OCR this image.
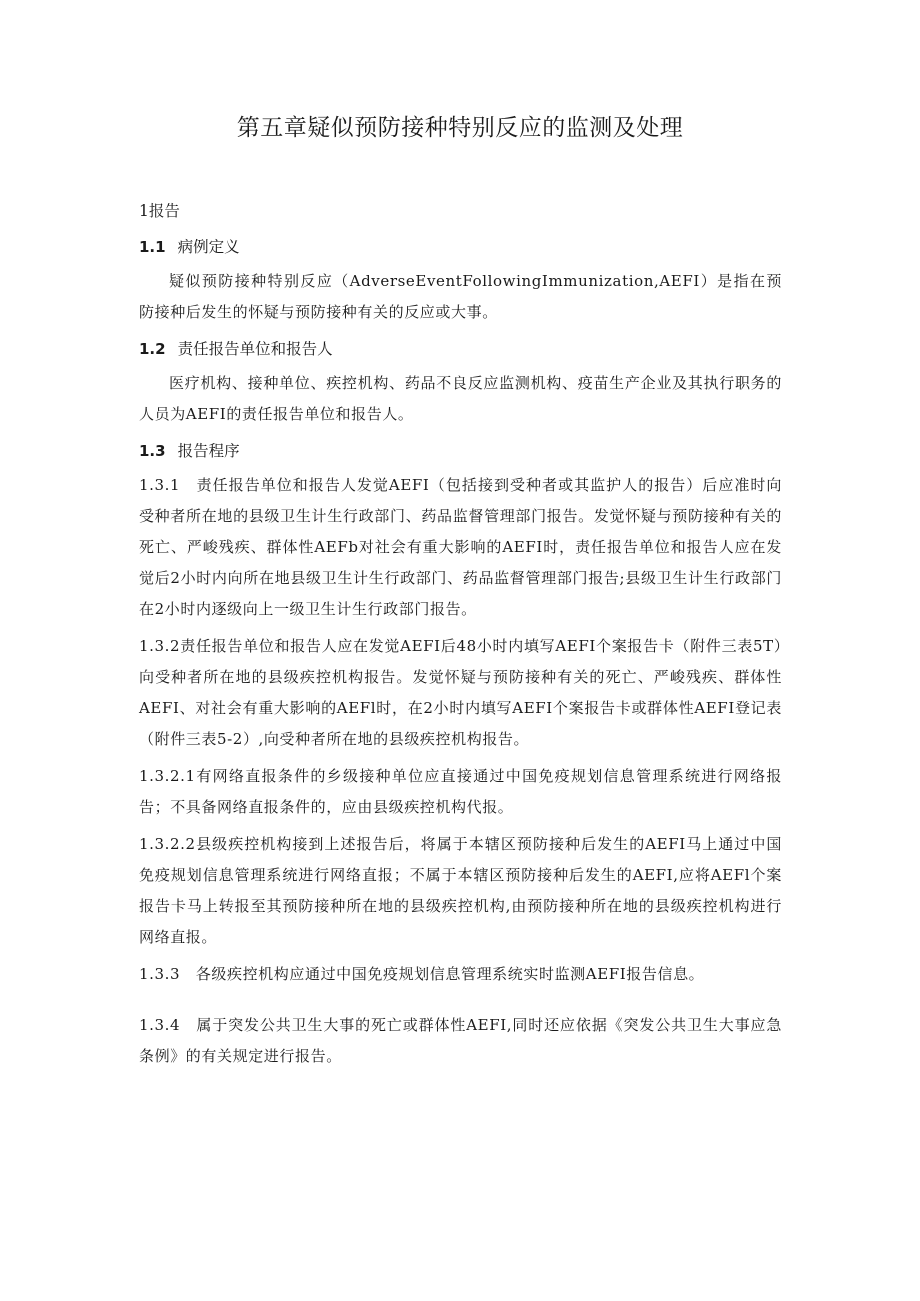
第五章疑似预防接种特别反应的监测及处理
1报告
1.1 病例定义
疑似预防接种特别反应（AdverseEventFollowingImmunization,AEFI）是指在预防接种后发生的怀疑与预防接种有关的反应或大事。
1.2 责任报告单位和报告人
医疗机构、接种单位、疾控机构、药品不良反应监测机构、疫苗生产企业及其执行职务的人员为AEFI的责任报告单位和报告人。
1.3 报告程序
1.3.1　责任报告单位和报告人发觉AEFI（包括接到受种者或其监护人的报告）后应准时向受种者所在地的县级卫生计生行政部门、药品监督管理部门报告。发觉怀疑与预防接种有关的死亡、严峻残疾、群体性AEFb对社会有重大影响的AEFI时，责任报告单位和报告人应在发觉后2小时内向所在地县级卫生计生行政部门、药品监督管理部门报告;县级卫生计生行政部门在2小时内逐级向上一级卫生计生行政部门报告。
1.3.2责任报告单位和报告人应在发觉AEFI后48小时内填写AEFI个案报告卡（附件三表5T）向受种者所在地的县级疾控机构报告。发觉怀疑与预防接种有关的死亡、严峻残疾、群体性AEFI、对社会有重大影响的AEFl时，在2小时内填写AEFI个案报告卡或群体性AEFI登记表（附件三表5-2）,向受种者所在地的县级疾控机构报告。
1.3.2.1有网络直报条件的乡级接种单位应直接通过中国免疫规划信息管理系统进行网络报告；不具备网络直报条件的，应由县级疾控机构代报。
1.3.2.2县级疾控机构接到上述报告后，将属于本辖区预防接种后发生的AEFI马上通过中国免疫规划信息管理系统进行网络直报；不属于本辖区预防接种后发生的AEFI,应将AEFl个案报告卡马上转报至其预防接种所在地的县级疾控机构,由预防接种所在地的县级疾控机构进行网络直报。
1.3.3　各级疾控机构应通过中国免疫规划信息管理系统实时监测AEFI报告信息。
1.3.4　属于突发公共卫生大事的死亡或群体性AEFI,同时还应依据《突发公共卫生大事应急条例》的有关规定进行报告。
